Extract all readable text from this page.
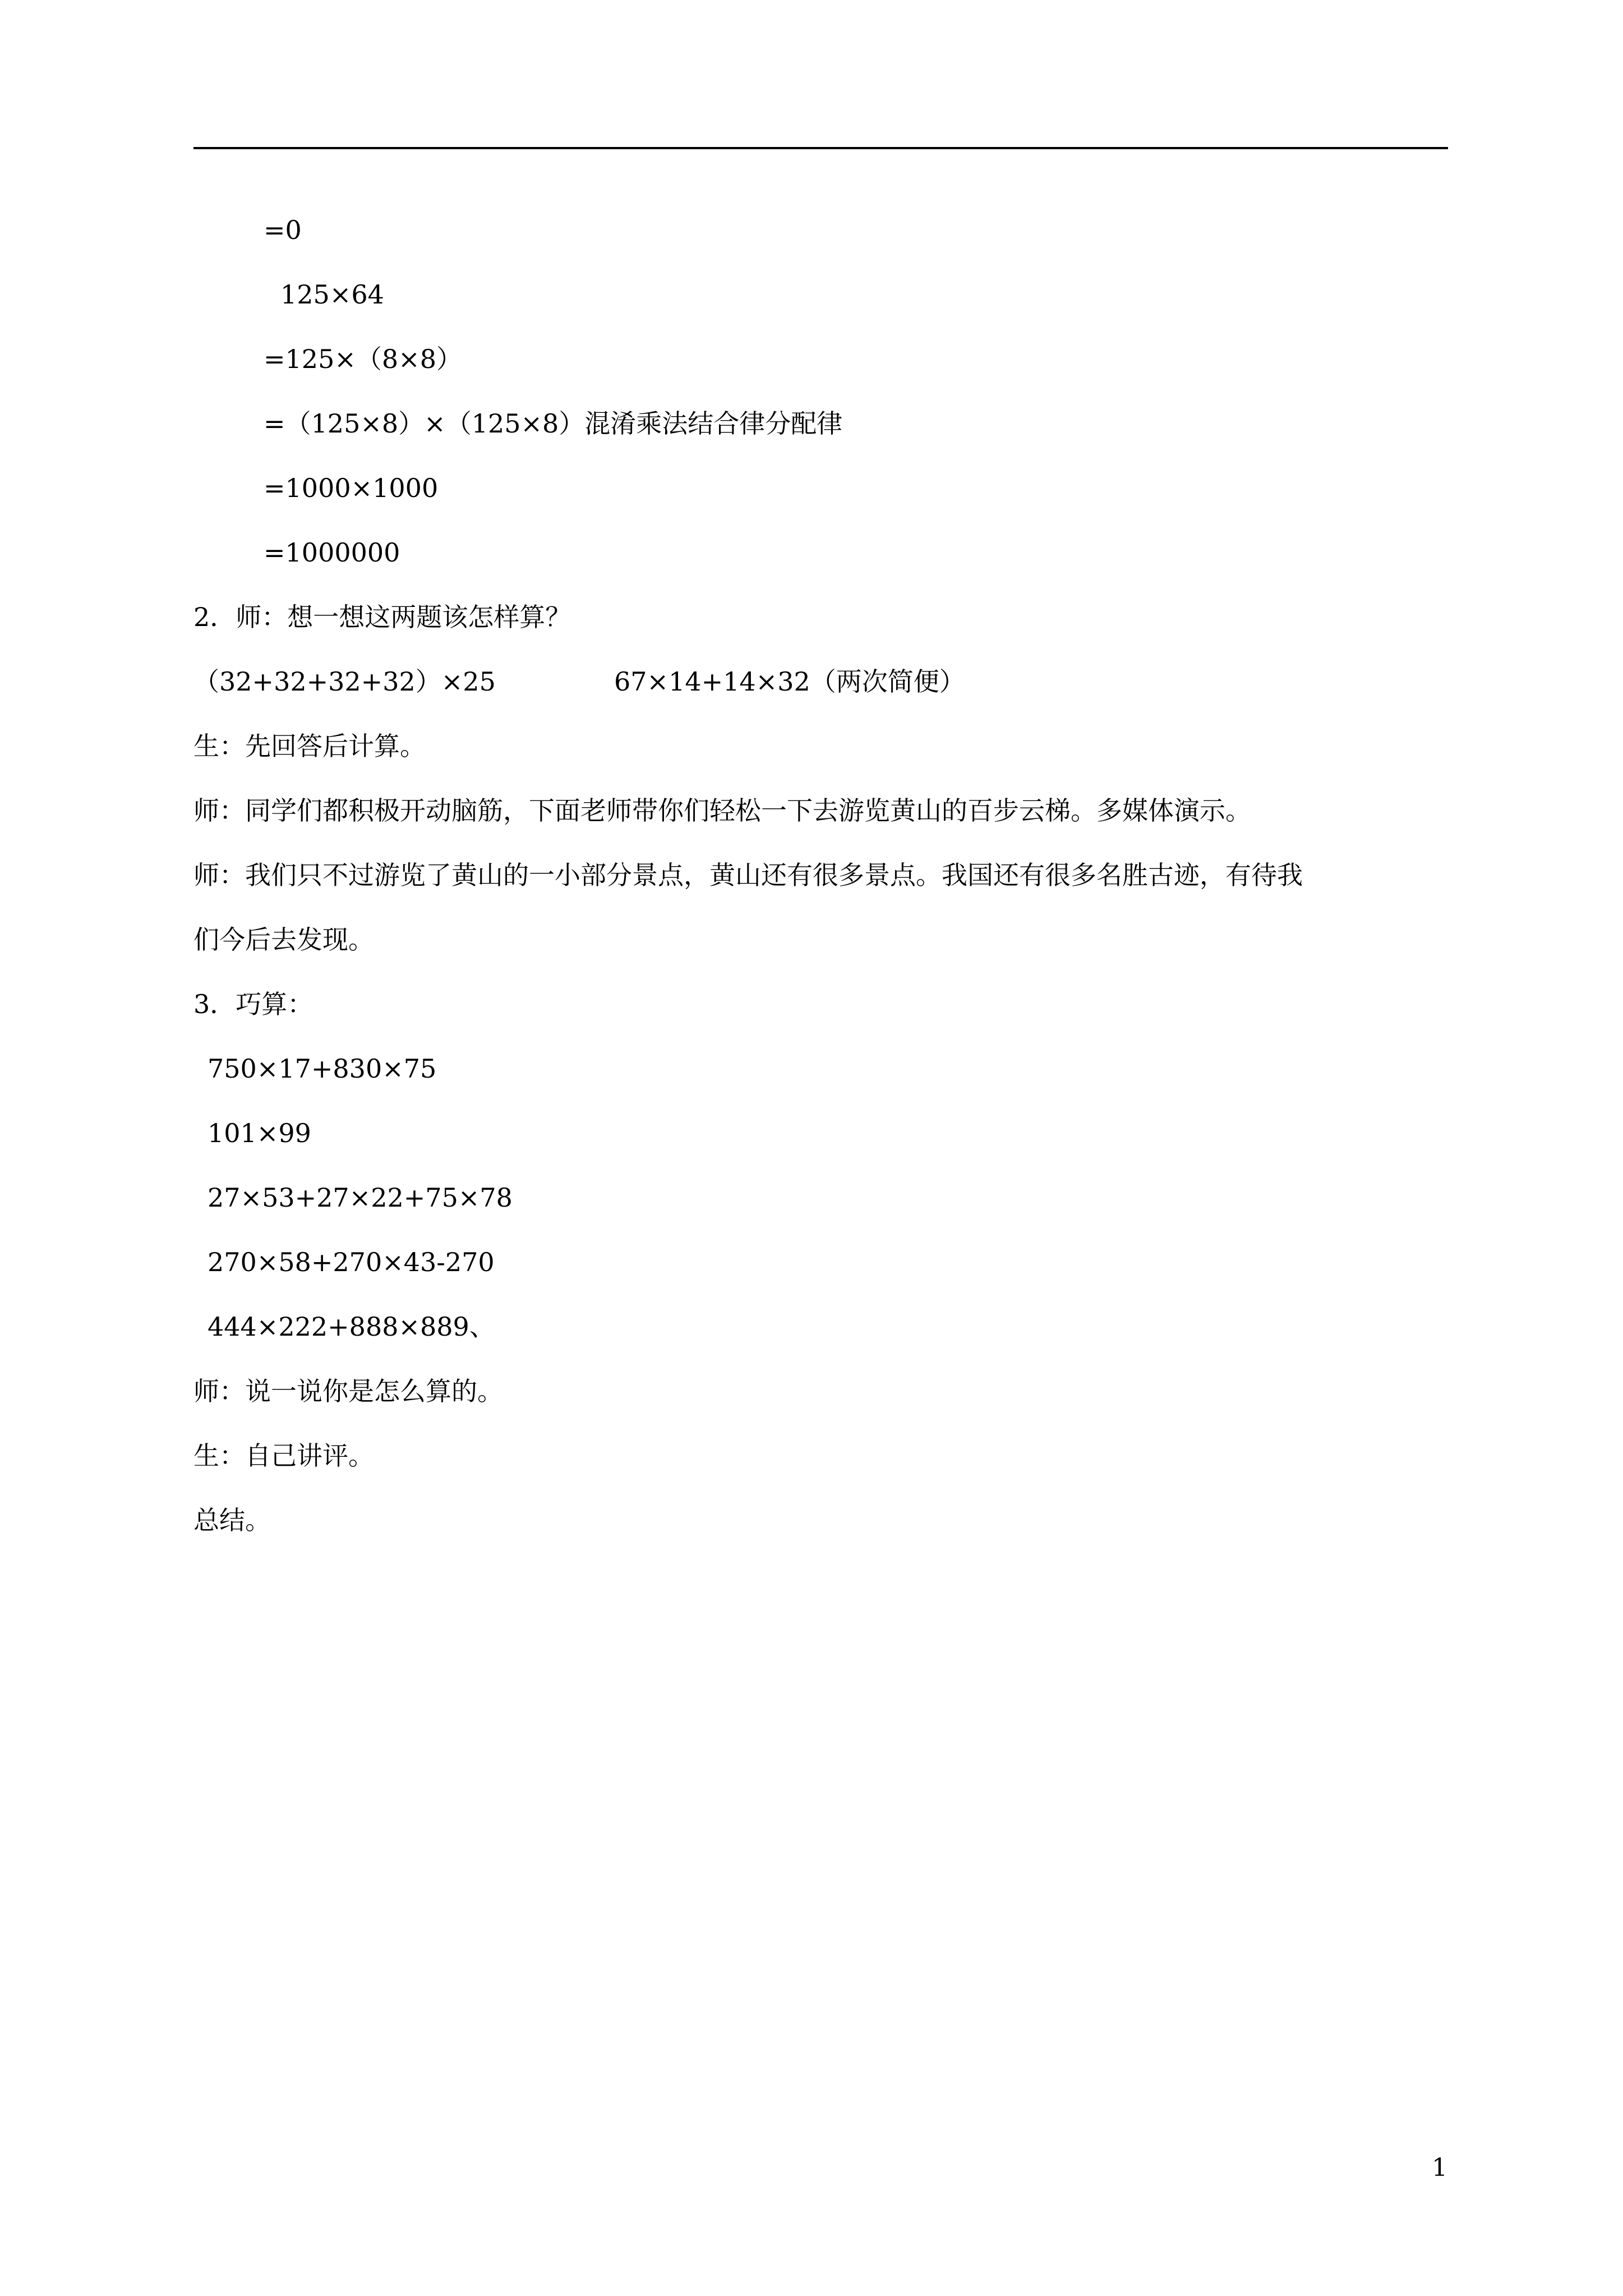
=0
125×64
=125×（8×8）
=（125×8）×（125×8）混淆乘法结合律分配律
=1000×1000
=1000000
2．师：想一想这两题该怎样算？
（32+32+32+32）×25	67×14+14×32（两次简便）
生：先回答后计算。
师：同学们都积极开动脑筋，下面老师带你们轻松一下去游览黄山的百步云梯。多媒体演示。
师：我们只不过游览了黄山的一小部分景点，黄山还有很多景点。我国还有很多名胜古迹，有待我
们今后去发现。
3．巧算：
750×17+830×75
101×99
27×53+27×22+75×78
270×58+270×43-270
444×222+888×889、
师：说一说你是怎么算的。
生：自己讲评。
总结。
1
